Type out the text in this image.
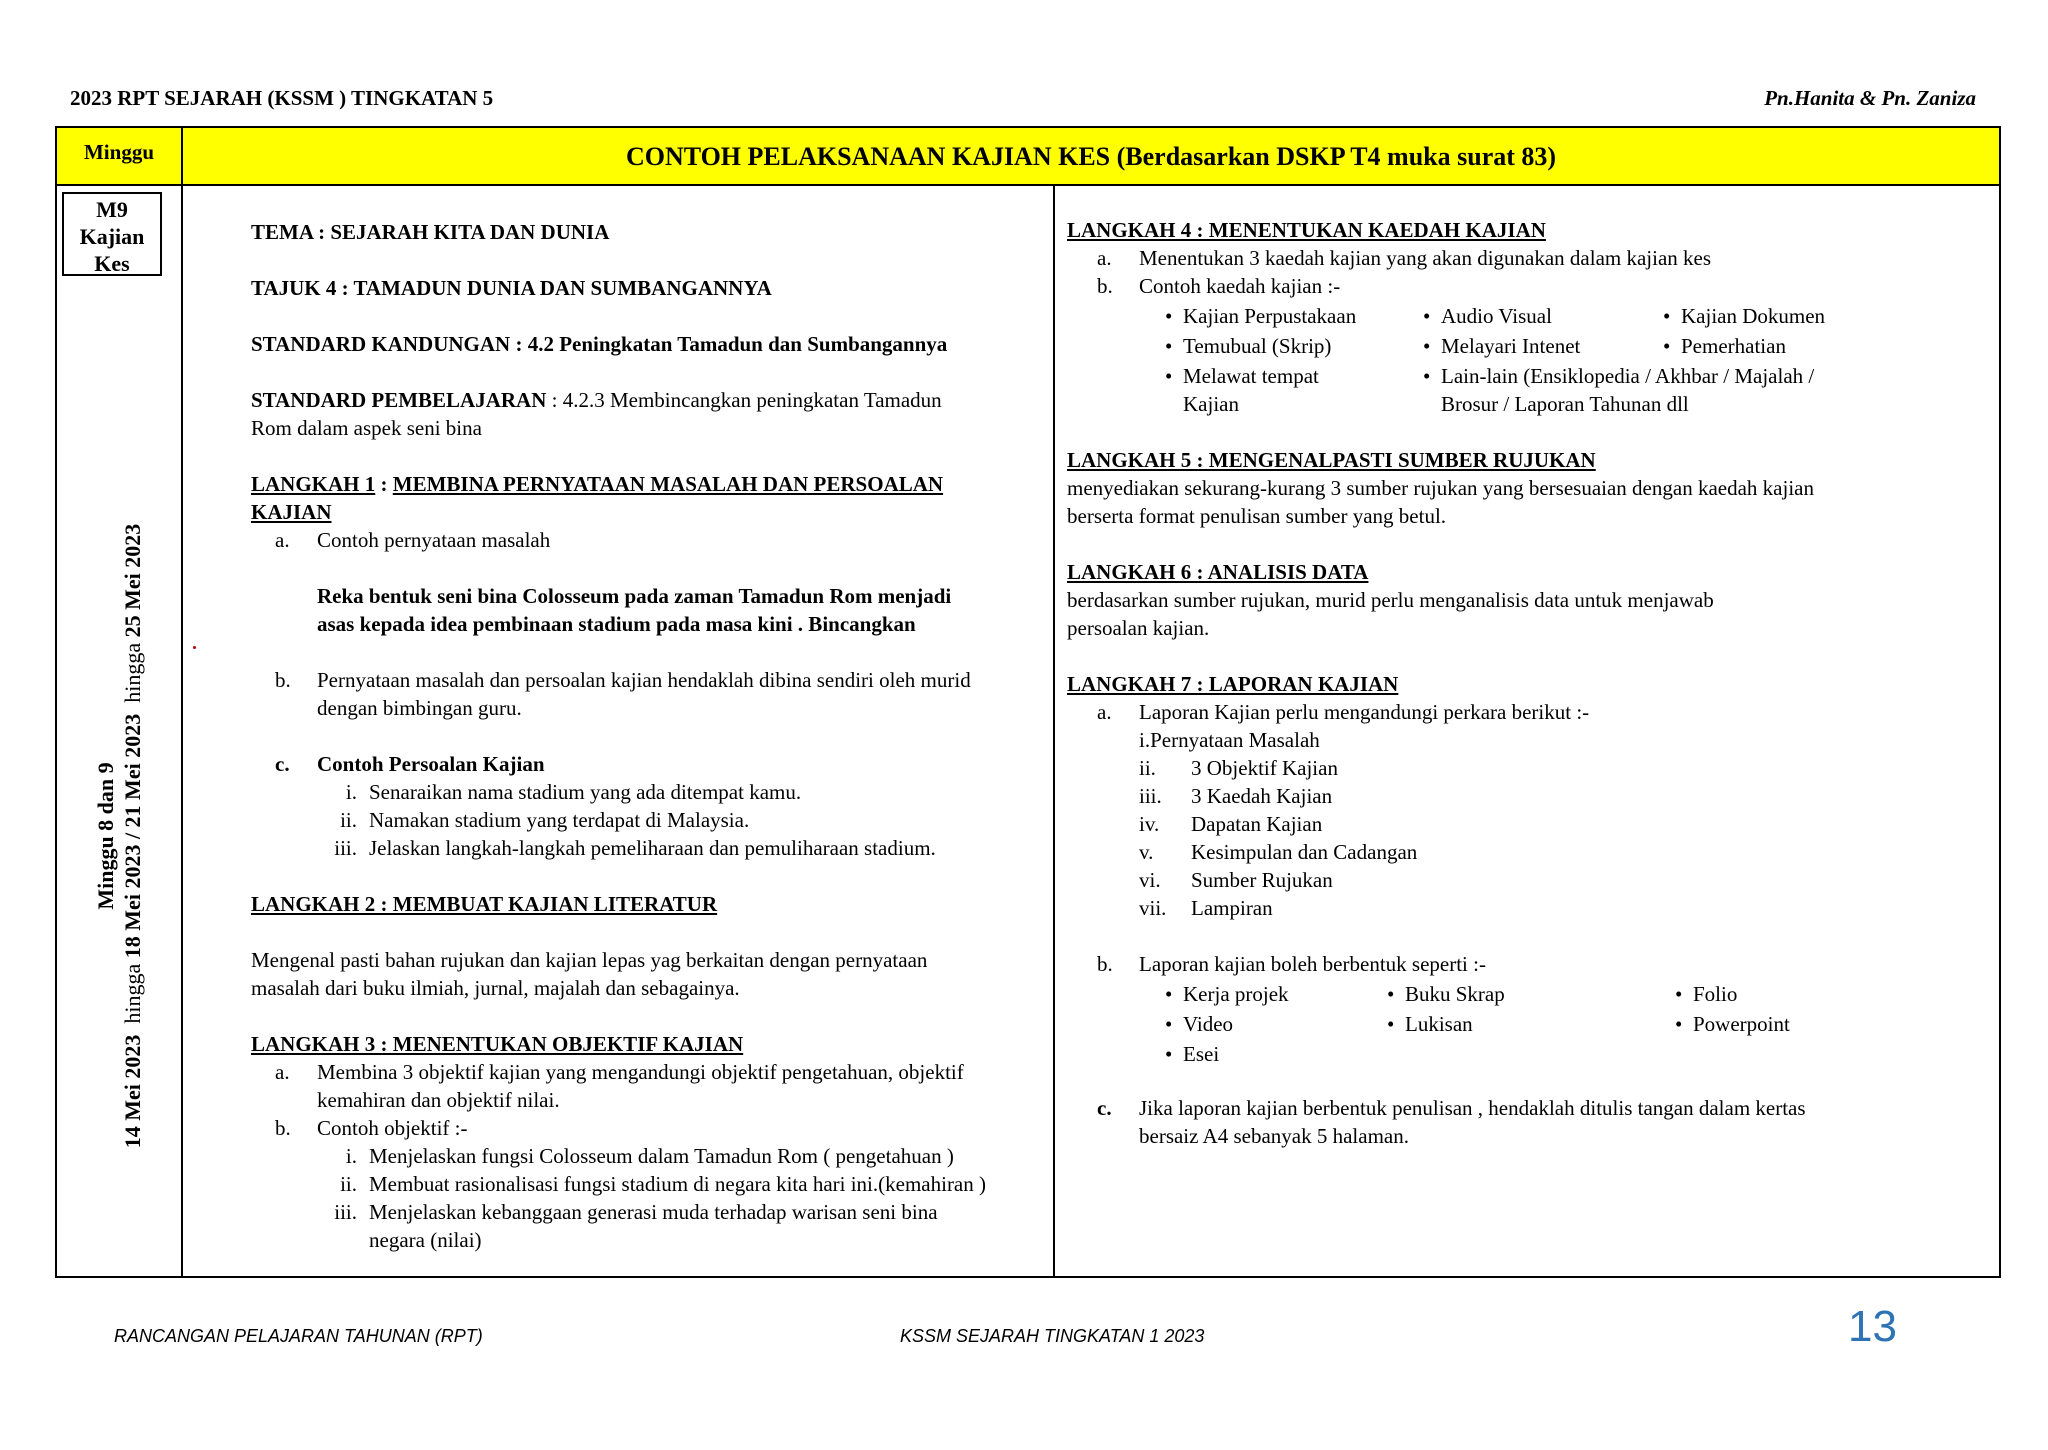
2023 RPT SEJARAH (KSSM ) TINGKATAN 5	Pn.Hanita & Pn. Zaniza
Minggu	CONTOH PELAKSANAAN KAJIAN KES (Berdasarkan DSKP T4 muka surat 83)
M9
Kajian
Kes
Minggu 8 dan 9
14 Mei 2023  hingga 18 Mei 2023 / 21 Mei 2023  hingga 25 Mei 2023
TEMA : SEJARAH KITA DAN DUNIA
TAJUK 4 : TAMADUN DUNIA DAN SUMBANGANNYA
STANDARD KANDUNGAN : 4.2 Peningkatan Tamadun dan Sumbangannya
STANDARD PEMBELAJARAN : 4.2.3 Membincangkan peningkatan Tamadun
Rom dalam aspek seni bina
LANGKAH 1 : MEMBINA PERNYATAAN MASALAH DAN PERSOALAN
KAJIAN
a. Contoh pernyataan masalah
Reka bentuk seni bina Colosseum pada zaman Tamadun Rom menjadi
asas kepada idea pembinaan stadium pada masa kini . Bincangkan
b. Pernyataan masalah dan persoalan kajian hendaklah dibina sendiri oleh murid
dengan bimbingan guru.
c. Contoh Persoalan Kajian
i. Senaraikan nama stadium yang ada ditempat kamu.
ii. Namakan stadium yang terdapat di Malaysia.
iii. Jelaskan langkah-langkah pemeliharaan dan pemuliharaan stadium.
LANGKAH 2 : MEMBUAT KAJIAN LITERATUR
Mengenal pasti bahan rujukan dan kajian lepas yag berkaitan dengan pernyataan
masalah dari buku ilmiah, jurnal, majalah dan sebagainya.
LANGKAH 3 : MENENTUKAN OBJEKTIF KAJIAN
a. Membina 3 objektif kajian yang mengandungi objektif pengetahuan, objektif
kemahiran dan objektif nilai.
b. Contoh objektif :-
i. Menjelaskan fungsi Colosseum dalam Tamadun Rom ( pengetahuan )
ii. Membuat rasionalisasi fungsi stadium di negara kita hari ini.(kemahiran )
iii. Menjelaskan kebanggaan generasi muda terhadap warisan seni bina
negara (nilai)
LANGKAH 4 : MENENTUKAN KAEDAH KAJIAN
a. Menentukan 3 kaedah kajian yang akan digunakan dalam kajian kes
b. Contoh kaedah kajian :-
• Kajian Perpustakaan
• Temubual (Skrip)
• Melawat tempat
Kajian
• Audio Visual
• Melayari Intenet
• Lain-lain (Ensiklopedia / Akhbar / Majalah /
Brosur / Laporan Tahunan dll
• Kajian Dokumen
• Pemerhatian
LANGKAH 5 : MENGENALPASTI SUMBER RUJUKAN
menyediakan sekurang-kurang 3 sumber rujukan yang bersesuaian dengan kaedah kajian
berserta format penulisan sumber yang betul.
LANGKAH 6 : ANALISIS DATA
berdasarkan sumber rujukan, murid perlu menganalisis data untuk menjawab
persoalan kajian.
LANGKAH 7 : LAPORAN KAJIAN
a. Laporan Kajian perlu mengandungi perkara berikut :-
i.Pernyataan Masalah
ii. 3 Objektif Kajian
iii. 3 Kaedah Kajian
iv. Dapatan Kajian
v. Kesimpulan dan Cadangan
vi. Sumber Rujukan
vii. Lampiran
b. Laporan kajian boleh berbentuk seperti :-
• Kerja projek
• Video
• Esei
• Buku Skrap
• Lukisan
• Folio
• Powerpoint
c. Jika laporan kajian berbentuk penulisan , hendaklah ditulis tangan dalam kertas
bersaiz A4 sebanyak 5 halaman.
RANCANGAN PELAJARAN TAHUNAN (RPT)	KSSM SEJARAH TINGKATAN 1 2023	13
